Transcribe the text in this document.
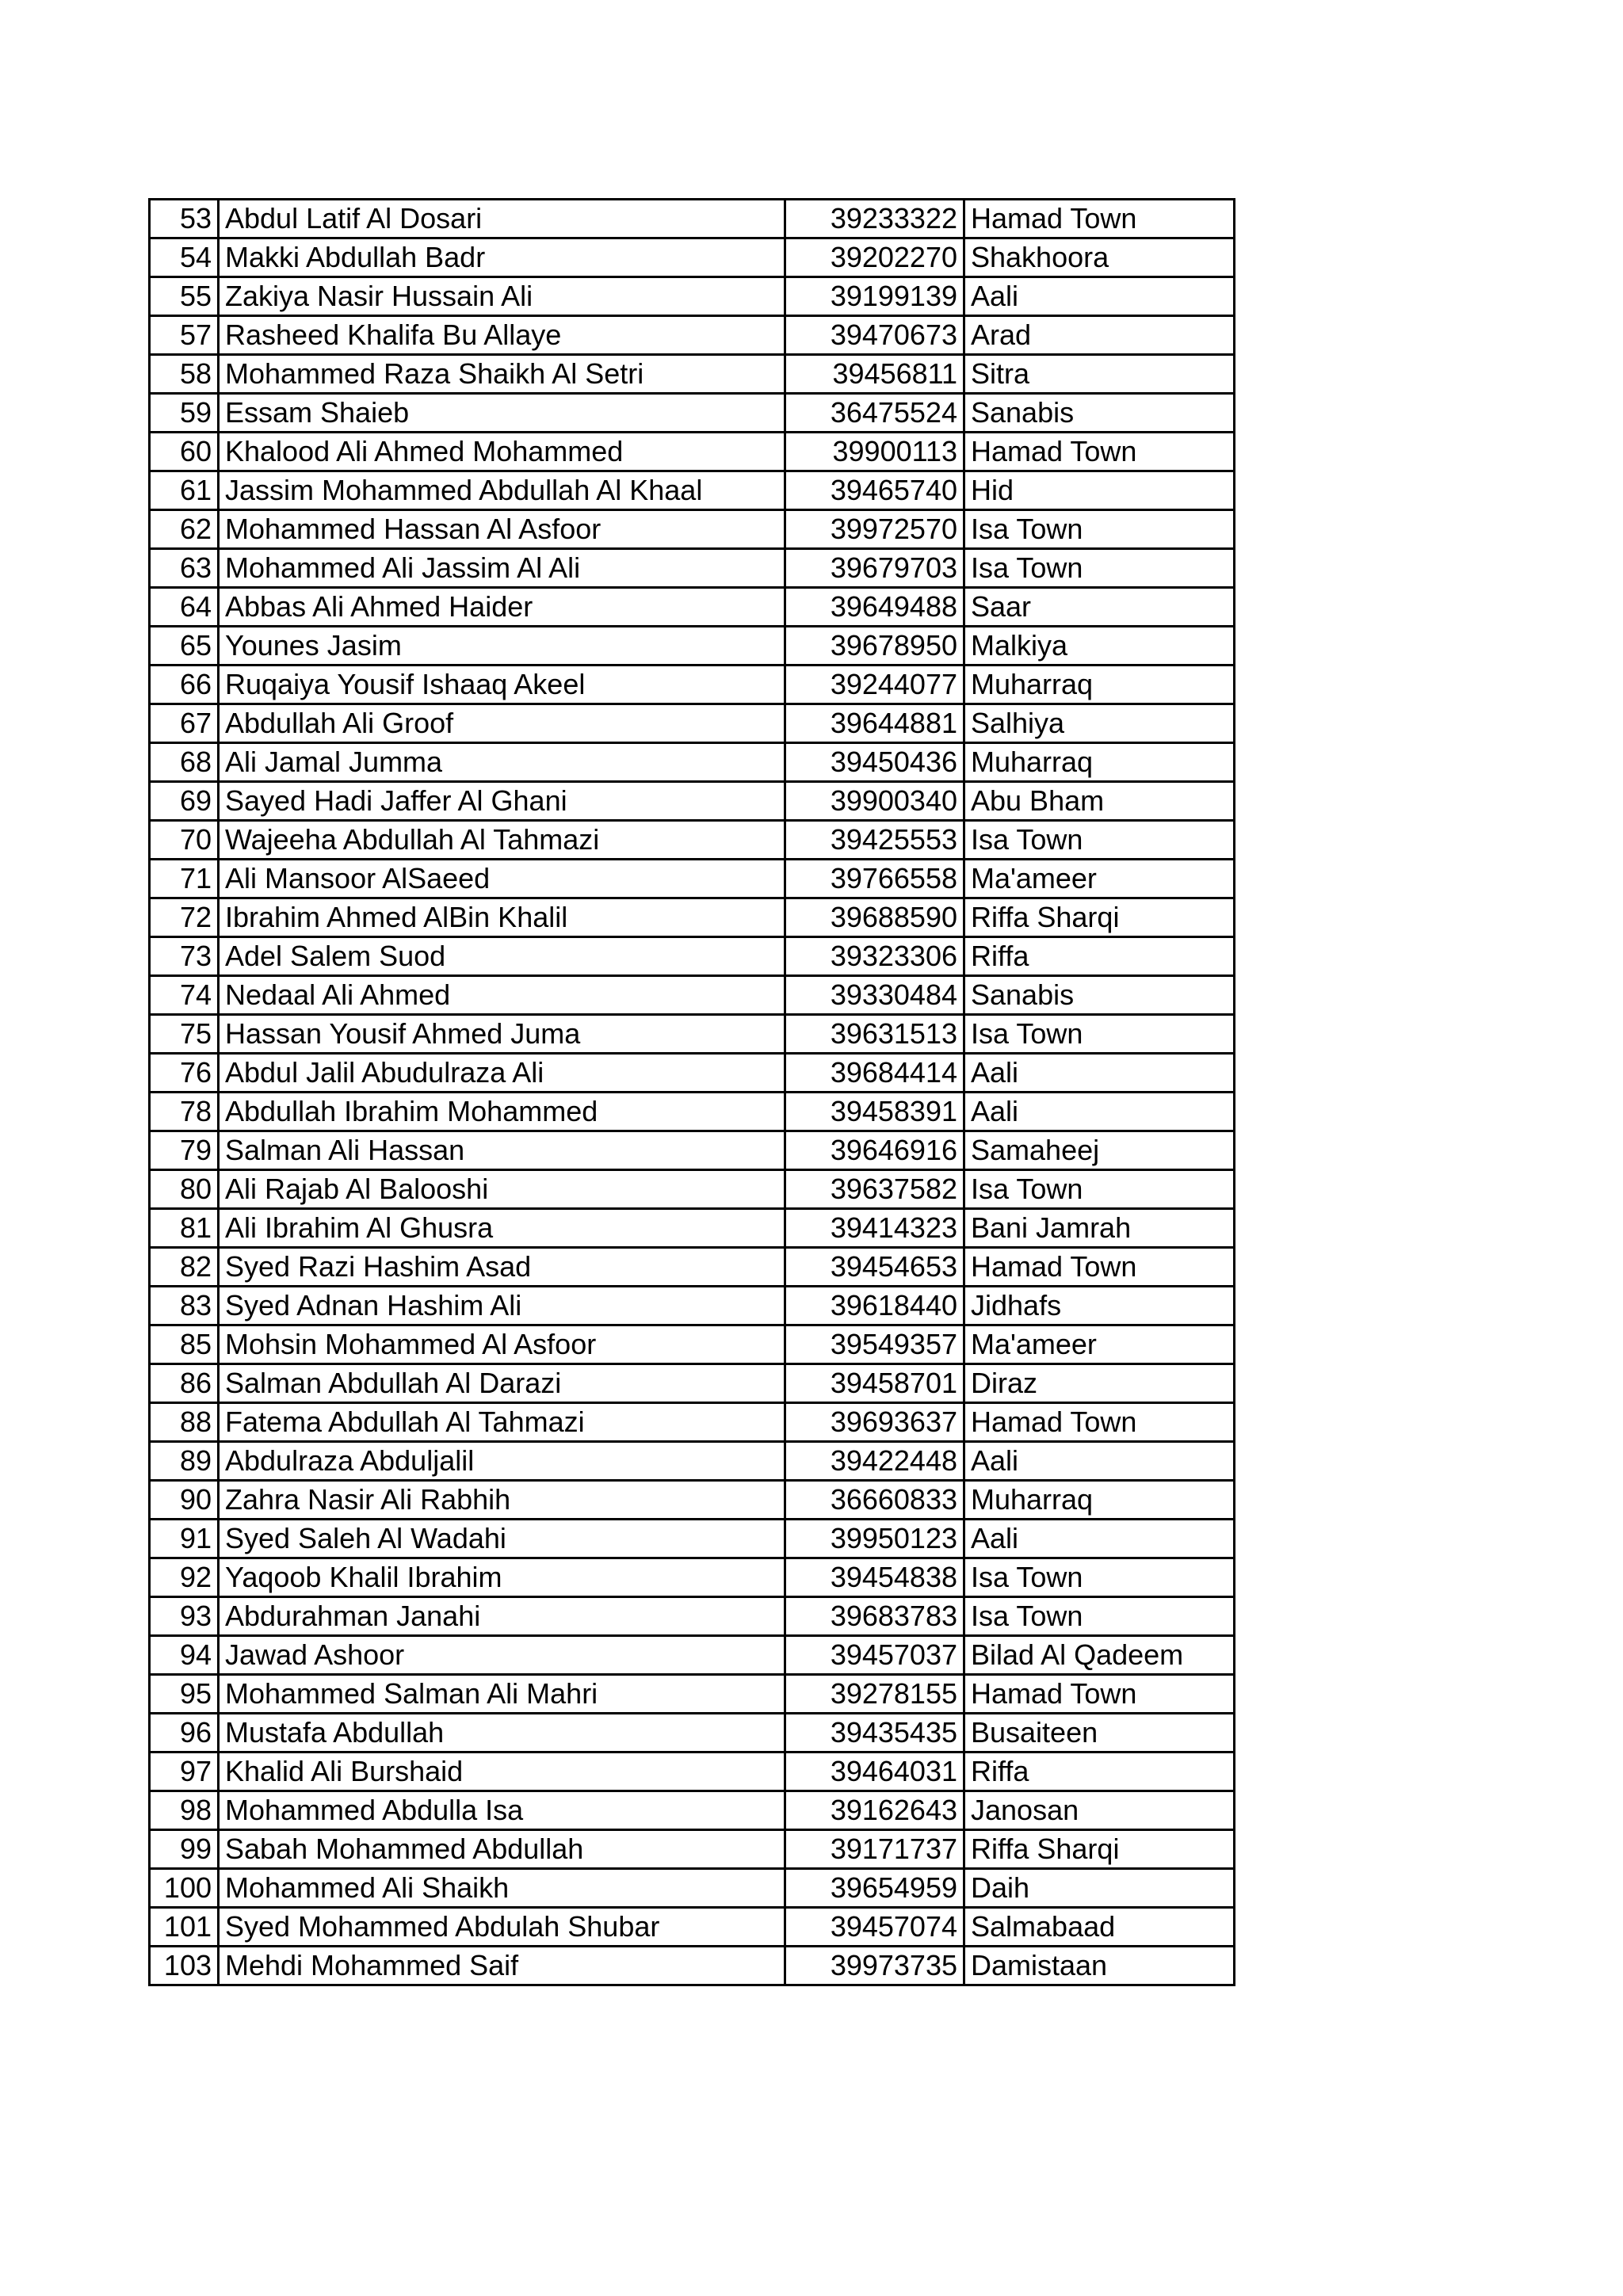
53	Abdul Latif Al Dosari	39233322	Hamad Town
54	Makki Abdullah Badr	39202270	Shakhoora
55	Zakiya Nasir Hussain Ali	39199139	Aali
57	Rasheed Khalifa Bu Allaye	39470673	Arad
58	Mohammed Raza Shaikh Al Setri	39456811	Sitra
59	Essam Shaieb	36475524	Sanabis
60	Khalood Ali Ahmed Mohammed	39900113	Hamad Town
61	Jassim Mohammed Abdullah Al Khaal	39465740	Hid
62	Mohammed Hassan Al Asfoor	39972570	Isa Town
63	Mohammed Ali Jassim Al Ali	39679703	Isa Town
64	Abbas Ali Ahmed Haider	39649488	Saar
65	Younes Jasim	39678950	Malkiya
66	Ruqaiya Yousif Ishaaq Akeel	39244077	Muharraq
67	Abdullah Ali Groof	39644881	Salhiya
68	Ali Jamal Jumma	39450436	Muharraq
69	Sayed Hadi Jaffer Al Ghani	39900340	Abu Bham
70	Wajeeha Abdullah Al Tahmazi	39425553	Isa Town
71	Ali Mansoor AlSaeed	39766558	Ma'ameer
72	Ibrahim Ahmed AlBin Khalil	39688590	Riffa Sharqi
73	Adel Salem Suod	39323306	Riffa
74	Nedaal Ali Ahmed	39330484	Sanabis
75	Hassan Yousif Ahmed Juma	39631513	Isa Town
76	Abdul Jalil Abudulraza Ali	39684414	Aali
78	Abdullah Ibrahim Mohammed	39458391	Aali
79	Salman Ali Hassan	39646916	Samaheej
80	Ali Rajab Al Balooshi	39637582	Isa Town
81	Ali Ibrahim Al Ghusra	39414323	Bani Jamrah
82	Syed Razi Hashim Asad	39454653	Hamad Town
83	Syed Adnan Hashim Ali	39618440	Jidhafs
85	Mohsin Mohammed Al Asfoor	39549357	Ma'ameer
86	Salman Abdullah Al Darazi	39458701	Diraz
88	Fatema Abdullah Al Tahmazi	39693637	Hamad Town
89	Abdulraza Abduljalil	39422448	Aali
90	Zahra Nasir Ali Rabhih	36660833	Muharraq
91	Syed Saleh Al Wadahi	39950123	Aali
92	Yaqoob Khalil Ibrahim	39454838	Isa Town
93	Abdurahman Janahi	39683783	Isa Town
94	Jawad Ashoor	39457037	Bilad Al Qadeem
95	Mohammed Salman Ali Mahri	39278155	Hamad Town
96	Mustafa Abdullah	39435435	Busaiteen
97	Khalid Ali Burshaid	39464031	Riffa
98	Mohammed Abdulla Isa	39162643	Janosan
99	Sabah Mohammed Abdullah	39171737	Riffa Sharqi
100	Mohammed Ali Shaikh	39654959	Daih
101	Syed Mohammed Abdulah Shubar	39457074	Salmabaad
103	Mehdi Mohammed Saif	39973735	Damistaan
